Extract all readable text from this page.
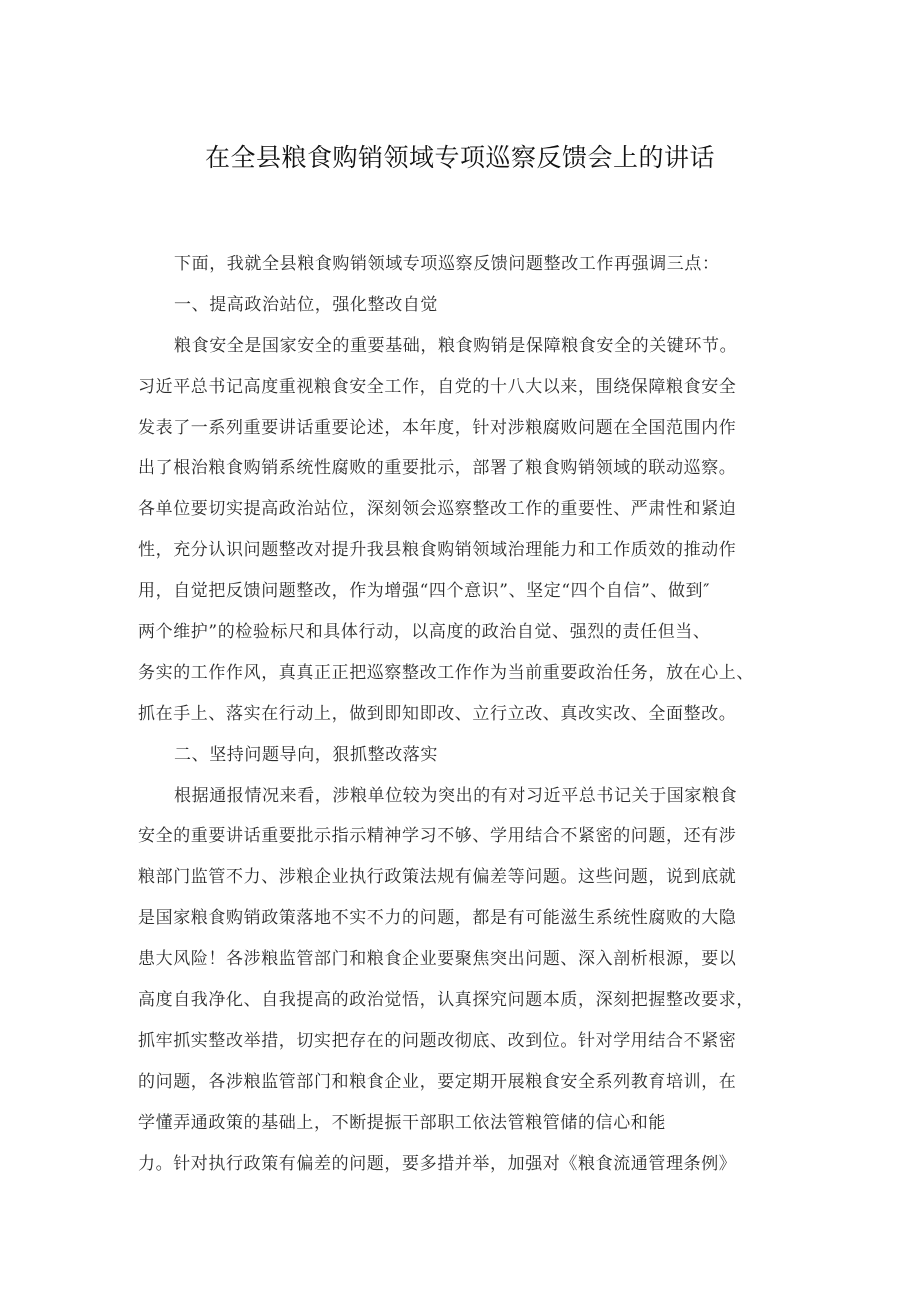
在全县粮食购销领域专项巡察反馈会上的讲话
下面，我就全县粮食购销领域专项巡察反馈问题整改工作再强调三点：
一、提高政治站位，强化整改自觉
粮食安全是国家安全的重要基础，粮食购销是保障粮食安全的关键环节。
习近平总书记高度重视粮食安全工作，自党的十八大以来，围绕保障粮食安全
发表了一系列重要讲话重要论述，本年度，针对涉粮腐败问题在全国范围内作
出了根治粮食购销系统性腐败的重要批示，部署了粮食购销领域的联动巡察。
各单位要切实提高政治站位，深刻领会巡察整改工作的重要性、严肃性和紧迫
性，充分认识问题整改对提升我县粮食购销领域治理能力和工作质效的推动作
用，自觉把反馈问题整改，作为增强“四个意识”、坚定“四个自信”、做到″
两个维护”的检验标尺和具体行动，以高度的政治自觉、强烈的责任但当、
务实的工作作风，真真正正把巡察整改工作作为当前重要政治任务，放在心上、
抓在手上、落实在行动上，做到即知即改、立行立改、真改实改、全面整改。
二、坚持问题导向，狠抓整改落实
根据通报情况来看，涉粮单位较为突出的有对习近平总书记关于国家粮食
安全的重要讲话重要批示指示精神学习不够、学用结合不紧密的问题，还有涉
粮部门监管不力、涉粮企业执行政策法规有偏差等问题。这些问题，说到底就
是国家粮食购销政策落地不实不力的问题，都是有可能滋生系统性腐败的大隐
患大风险！各涉粮监管部门和粮食企业要聚焦突出问题、深入剖析根源，要以
高度自我净化、自我提高的政治觉悟，认真探究问题本质，深刻把握整改要求，
抓牢抓实整改举措，切实把存在的问题改彻底、改到位。针对学用结合不紧密
的问题，各涉粮监管部门和粮食企业，要定期开展粮食安全系列教育培训，在
学懂弄通政策的基础上，不断提振干部职工依法管粮管储的信心和能
力。针对执行政策有偏差的问题，要多措并举，加强对《粮食流通管理条例》
